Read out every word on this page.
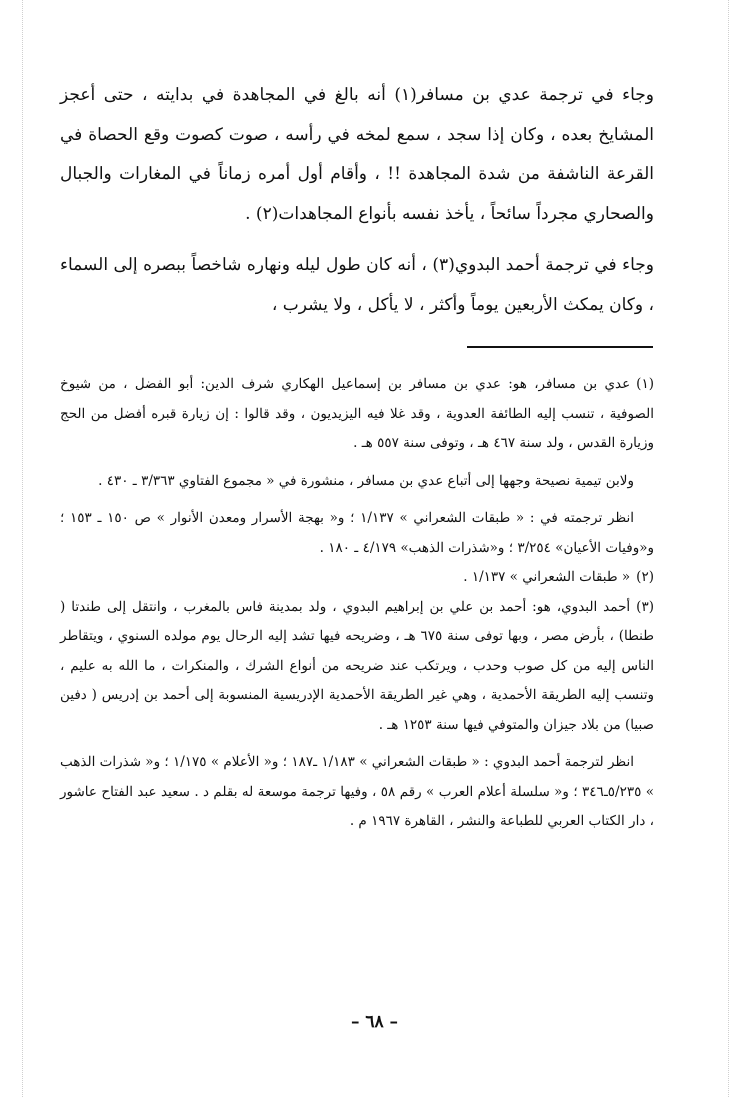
وجاء في ترجمة عدي بن مسافر(١) أنه بالغ في المجاهدة في بدايته ، حتى أعجز المشايخ بعده ، وكان إذا سجد ، سمع لمخه في رأسه ، صوت كصوت وقع الحصاة في القرعة الناشفة من شدة المجاهدة !! ، وأقام أول أمره زماناً في المغارات والجبال والصحاري مجرداً سائحاً ، يأخذ نفسه بأنواع المجاهدات(٢) .

وجاء في ترجمة أحمد البدوي(٣) ، أنه كان طول ليله ونهاره شاخصاً ببصره إلى السماء ، وكان يمكث الأربعين يوماً وأكثر ، لا يأكل ، ولا يشرب ،

(١)عدي بن مسافر، هو: عدي بن مسافر بن إسماعيل الهكاري شرف الدين: أبو الفضل ، من شيوخ الصوفية ، تنسب إليه الطائفة العدوية ، وقد غلا فيه اليزيديون ، وقد قالوا : إن زيارة قبره أفضل من الحج وزيارة القدس ، ولد سنة ٤٦٧ هـ ، وتوفى سنة ٥٥٧ هـ .

ولابن تيمية نصيحة وجهها إلى أتباع عدي بن مسافر ، منشورة في « مجموع الفتاوي ٣/٣٦٣ ـ ٤٣٠ .

انظر ترجمته في : « طبقات الشعراني » ١/١٣٧ ؛ و« بهجة الأسرار ومعدن الأنوار » ص ١٥٠ ـ ١٥٣ ؛ و«وفيات الأعيان» ٣/٢٥٤ ؛ و«شذرات الذهب» ٤/١٧٩ ـ ١٨٠ .

(٢)« طبقات الشعراني » ١/١٣٧ .

(٣)أحمد البدوي، هو: أحمد بن علي بن إبراهيم البدوي ، ولد بمدينة فاس بالمغرب ، وانتقل إلى طندتا ( طنطا) ، بأرض مصر ، وبها توفى سنة ٦٧٥ هـ ، وضريحه فيها تشد إليه الرحال يوم مولده السنوي ، ويتقاطر الناس إليه من كل صوب وحدب ، ويرتكب عند ضريحه من أنواع الشرك ، والمنكرات ، ما الله به عليم ، وتنسب إليه الطريقة الأحمدية ، وهي غير الطريقة الأحمدية الإدريسية المنسوبة إلى أحمد بن إدريس ( دفين صبيا) من بلاد جيزان والمتوفي فيها سنة ١٢٥٣ هـ .

انظر لترجمة أحمد البدوي : « طبقات الشعراني » ١/١٨٣ ـ١٨٧ ؛ و« الأعلام » ١/١٧٥ ؛ و« شذرات الذهب » ٥/٢٣٥ـ٣٤٦ ؛ و« سلسلة أعلام العرب » رقم ٥٨ ، وفيها ترجمة موسعة له بقلم د . سعيد عبد الفتاح عاشور ، دار الكتاب العربي للطباعة والنشر ، القاهرة ١٩٦٧ م .

– ٦٨ –
